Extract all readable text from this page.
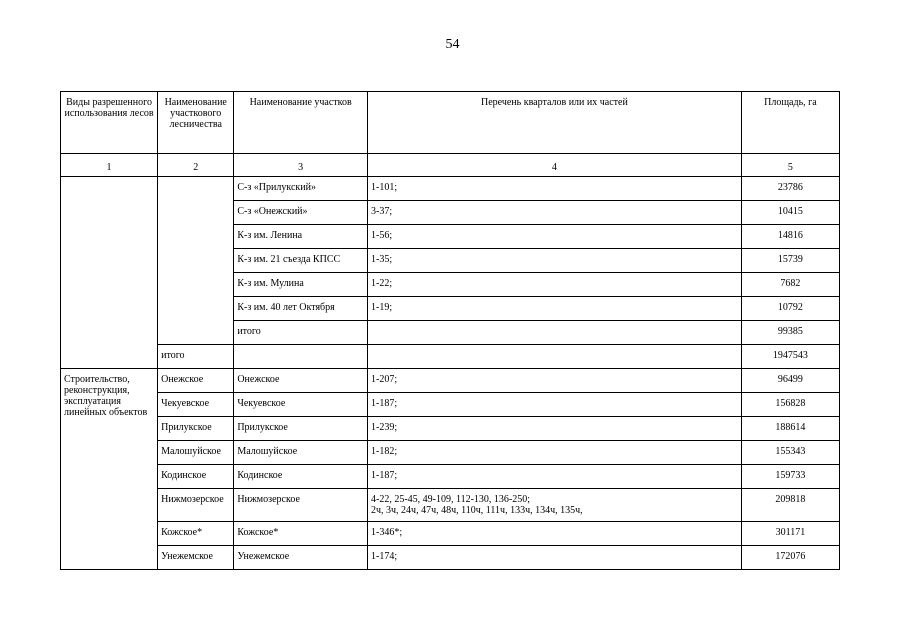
54
Виды разрешенного использования лесов	Наименование участкового лесничества	Наименование участков	Перечень кварталов или их частей	Площадь, га
1	2	3	4	5
		С-з «Прилукский»	1-101;	23786
		С-з «Онежский»	3-37;	10415
		К-з им. Ленина	1-56;	14816
		К-з им. 21 съезда КПСС	1-35;	15739
		К-з им. Мулина	1-22;	7682
		К-з им. 40 лет Октября	1-19;	10792
		итого		99385
	итого			1947543
Строительство, реконструкция, эксплуатация линейных объектов	Онежское	Онежское	1-207;	96499
	Чекуевское	Чекуевское	1-187;	156828
	Прилукское	Прилукское	1-239;	188614
	Малошуйское	Малошуйское	1-182;	155343
	Кодинское	Кодинское	1-187;	159733
	Нижмозерское	Нижмозерское	4-22, 25-45, 49-109, 112-130, 136-250;
2ч, 3ч, 24ч, 47ч, 48ч, 110ч, 111ч, 133ч, 134ч, 135ч,	209818
	Кожское*	Кожское*	1-346*;	301171
	Унежемское	Унежемское	1-174;	172076
